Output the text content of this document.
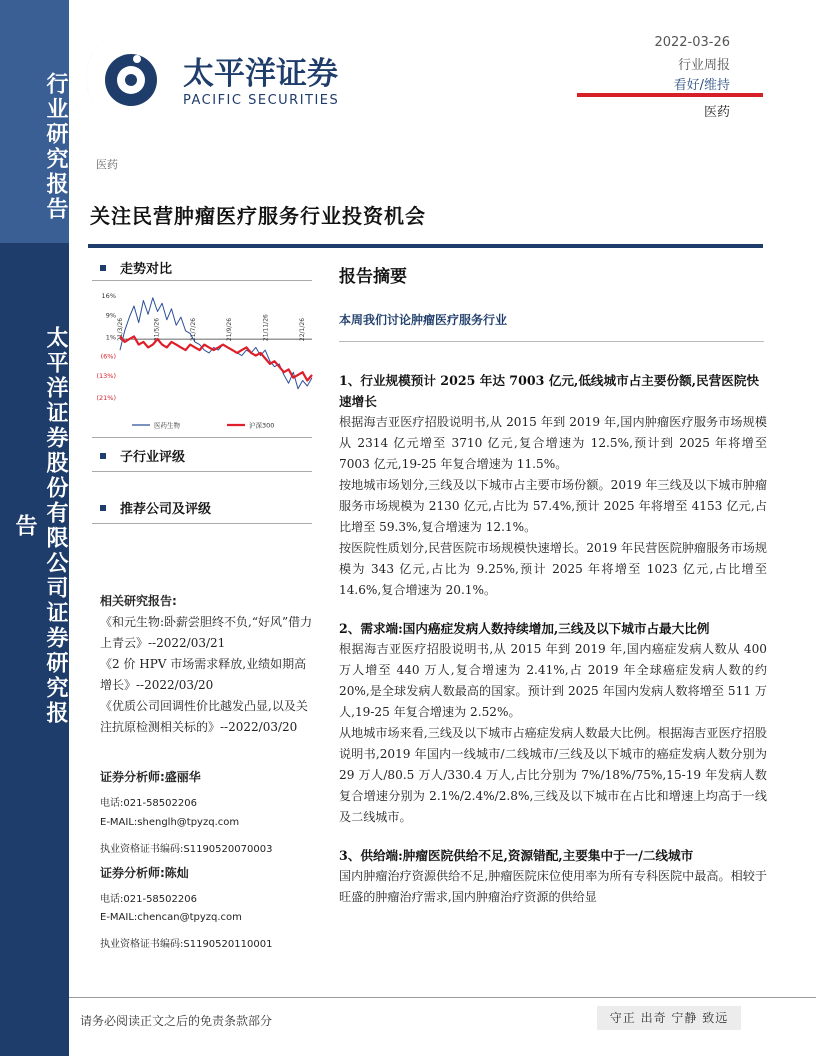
行业研究报告
太平洋证券股份有限公司证券研究报告
太平洋证券
PACIFIC SECURITIES
2022-03-26
行业周报
看好/维持
医药
医药
关注民营肿瘤医疗服务行业投资机会
走势对比
16%
9%
1%
(6%)
(13%)
(21%)
21/3/26	21/5/26	21/7/26	21/9/26	21/11/26	22/1/26
医药生物	沪深300
子行业评级
推荐公司及评级
相关研究报告:
《和元生物:卧薪尝胆终不负,“好风”借力上青云》--2022/03/21
《2 价 HPV 市场需求释放,业绩如期高增长》--2022/03/20
《优质公司回调性价比越发凸显,以及关注抗原检测相关标的》--2022/03/20
证券分析师:盛丽华
电话:021-58502206
E-MAIL:shenglh@tpyzq.com
执业资格证书编码:S1190520070003
证券分析师:陈灿
电话:021-58502206
E-MAIL:chencan@tpyzq.com
执业资格证书编码:S1190520110001
报告摘要
本周我们讨论肿瘤医疗服务行业
1、行业规模预计 2025 年达 7003 亿元,低线城市占主要份额,民营医院快速增长
根据海吉亚医疗招股说明书,从 2015 年到 2019 年,国内肿瘤医疗服务市场规模从 2314 亿元增至 3710 亿元,复合增速为 12.5%,预计到 2025 年将增至 7003 亿元,19-25 年复合增速为 11.5%。
按地城市场划分,三线及以下城市占主要市场份额。2019 年三线及以下城市肿瘤服务市场规模为 2130 亿元,占比为 57.4%,预计 2025 年将增至 4153 亿元,占比增至 59.3%,复合增速为 12.1%。
按医院性质划分,民营医院市场规模快速增长。2019 年民营医院肿瘤服务市场规模为 343 亿元,占比为 9.25%,预计 2025 年将增至 1023 亿元,占比增至 14.6%,复合增速为 20.1%。
2、需求端:国内癌症发病人数持续增加,三线及以下城市占最大比例
根据海吉亚医疗招股说明书,从 2015 年到 2019 年,国内癌症发病人数从 400 万人增至 440 万人,复合增速为 2.41%,占 2019 年全球癌症发病人数的约 20%,是全球发病人数最高的国家。预计到 2025 年国内发病人数将增至 511 万人,19-25 年复合增速为 2.52%。
从地城市场来看,三线及以下城市占癌症发病人数最大比例。根据海吉亚医疗招股说明书,2019 年国内一线城市/二线城市/三线及以下城市的癌症发病人数分别为 29 万人/80.5 万人/330.4 万人,占比分别为 7%/18%/75%,15-19 年发病人数复合增速分别为 2.1%/2.4%/2.8%,三线及以下城市在占比和增速上均高于一线及二线城市。
3、供给端:肿瘤医院供给不足,资源错配,主要集中于一/二线城市
国内肿瘤治疗资源供给不足,肿瘤医院床位使用率为所有专科医院中最高。相较于旺盛的肿瘤治疗需求,国内肿瘤治疗资源的供给显
请务必阅读正文之后的免责条款部分	守正 出奇 宁静 致远
